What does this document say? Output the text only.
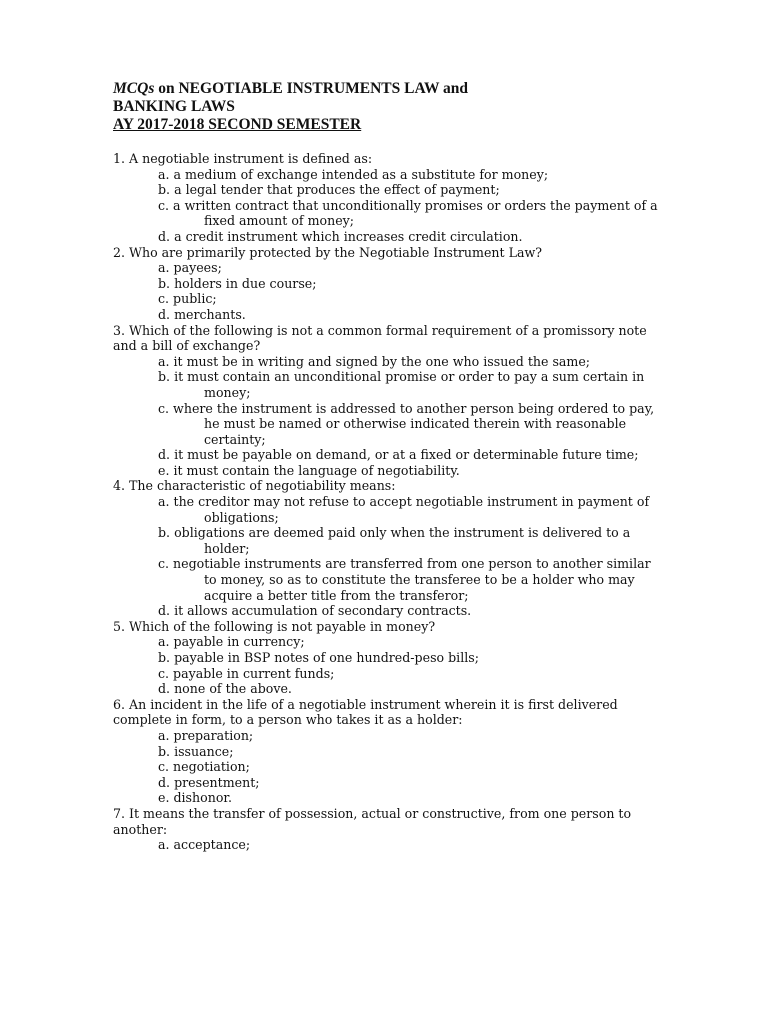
MCQs on NEGOTIABLE INSTRUMENTS LAW and
BANKING LAWS
AY 2017-2018 SECOND SEMESTER

1. A negotiable instrument is defined as:

a. a medium of exchange intended as a substitute for money;

b. a legal tender that produces the effect of payment;

c. a written contract that unconditionally promises or orders the payment of a fixed amount of money;

d. a credit instrument which increases credit circulation.

2. Who are primarily protected by the Negotiable Instrument Law?

a. payees;

b. holders in due course;

c. public;

d. merchants.

3. Which of the following is not a common formal requirement of a promissory note and a bill of exchange?

a. it must be in writing and signed by the one who issued the same;

b. it must contain an unconditional promise or order to pay a sum certain in money;

c. where the instrument is addressed to another person being ordered to pay, he must be named or otherwise indicated therein with reasonable certainty;

d. it must be payable on demand, or at a fixed or determinable future time;

e. it must contain the language of negotiability.

4. The characteristic of negotiability means:

a. the creditor may not refuse to accept negotiable instrument in payment of obligations;

b. obligations are deemed paid only when the instrument is delivered to a holder;

c. negotiable instruments are transferred from one person to another similar to money, so as to constitute the transferee to be a holder who may acquire a better title from the transferor;

d. it allows accumulation of secondary contracts.

5. Which of the following is not payable in money?

a. payable in currency;

b. payable in BSP notes of one hundred-peso bills;

c. payable in current funds;

d. none of the above.

6. An incident in the life of a negotiable instrument wherein it is first delivered complete in form, to a person who takes it as a holder:

a. preparation;

b. issuance;

c. negotiation;

d. presentment;

e. dishonor.

7. It means the transfer of possession, actual or constructive, from one person to another:

a. acceptance;
